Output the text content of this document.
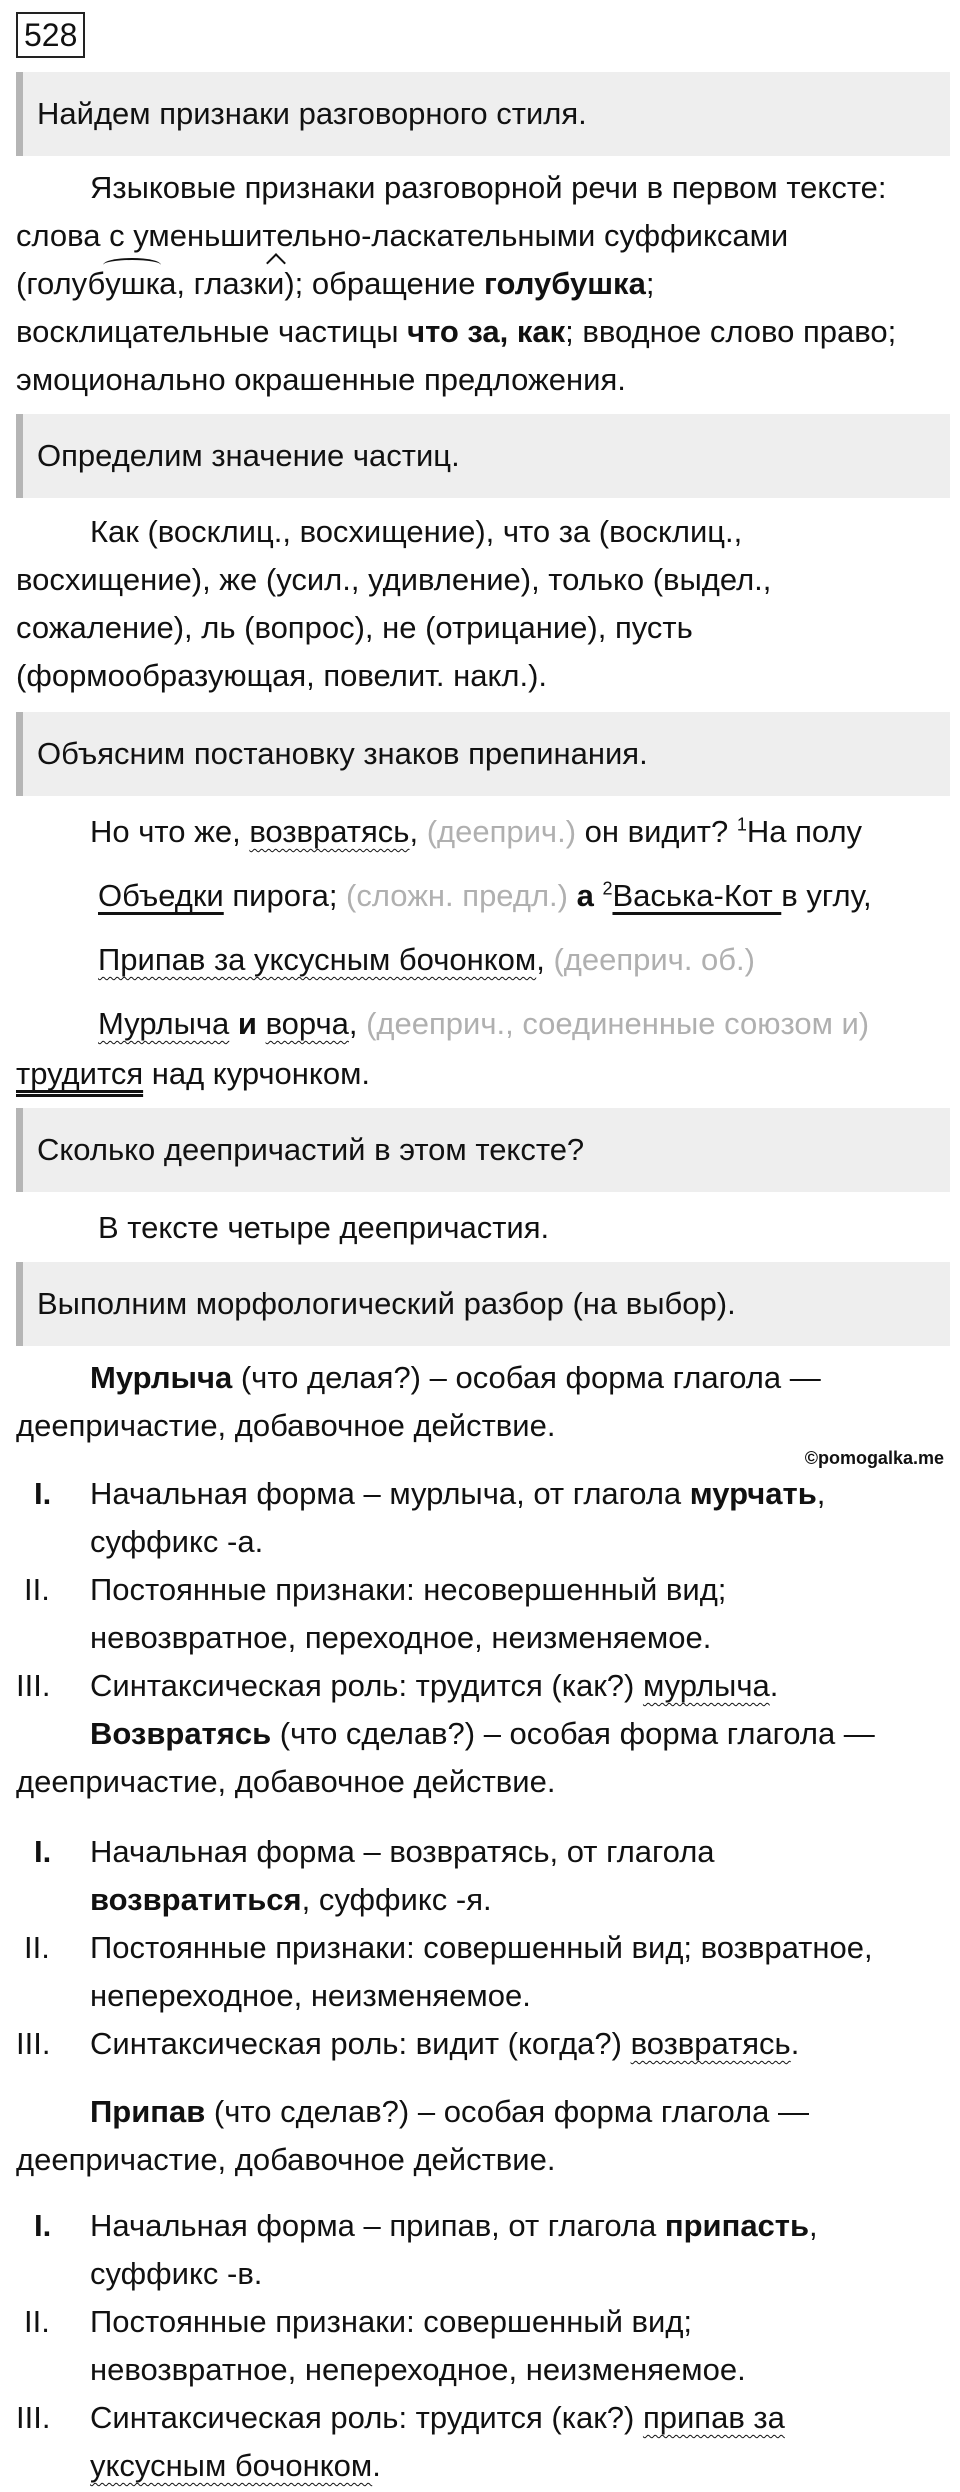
528
Найдем признаки разговорного стиля.
Языковые признаки разговорной речи в первом тексте:
слова с уменьшительно-ласкательными суффиксами
(голубушка, глазки); обращение голубушка;
восклицательные частицы что за, как; вводное слово право;
эмоционально окрашенные предложения.
Определим значение частиц.
Как (восклиц., восхищение), что за (восклиц.,
восхищение), же (усил., удивление), только (выдел.,
сожаление), ль (вопрос), не (отрицание), пусть
(формообразующая, повелит. накл.).
Объясним постановку знаков препинания.
Но что же, возвратясь, (дееприч.) он видит? $^1$На полу
Объедки пирога; (сложн. предл.) а $^2$Васька-Кот в углу,
Припав за уксусным бочонком, (дееприч. об.)
Мурлыча и ворча, (дееприч., соединенные союзом и)
трудится над курчонком.
Сколько деепричастий в этом тексте?
В тексте четыре деепричастия.
Выполним морфологический разбор (на выбор).
Мурлыча (что делая?) – особая форма глагола —
деепричастие, добавочное действие.
©pomogalka.me
I.	Начальная форма – мурлыча, от глагола мурчать,
суффикс -а.
II.	Постоянные признаки: несовершенный вид;
невозвратное, переходное, неизменяемое.
III.	Синтаксическая роль: трудится (как?) мурлыча.
Возвратясь (что сделав?) – особая форма глагола —
деепричастие, добавочное действие.
I.	Начальная форма – возвратясь, от глагола
возвратиться, суффикс -я.
II.	Постоянные признаки: совершенный вид; возвратное,
непереходное, неизменяемое.
III.	Синтаксическая роль: видит (когда?) возвратясь.
Припав (что сделав?) – особая форма глагола —
деепричастие, добавочное действие.
I.	Начальная форма – припав, от глагола припасть,
суффикс -в.
II.	Постоянные признаки: совершенный вид;
невозвратное, непереходное, неизменяемое.
III.	Синтаксическая роль: трудится (как?) припав за
уксусным бочонком.
